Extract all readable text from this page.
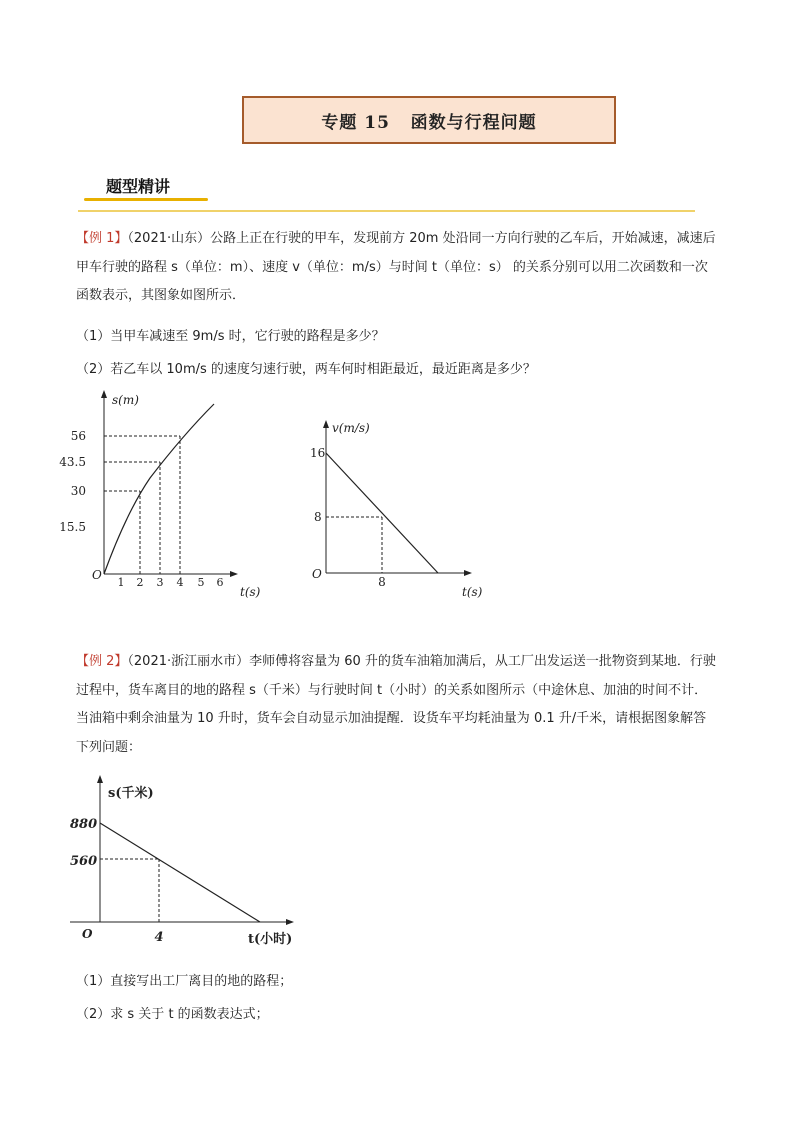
专题 15   函数与行程问题
题型精讲
【例 1】（2021·山东）公路上正在行驶的甲车，发现前方 20m 处沿同一方向行驶的乙车后，开始减速，减速后甲车行驶的路程 s（单位：m）、速度 v（单位：m/s）与时间 t（单位：s） 的关系分别可以用二次函数和一次函数表示，其图象如图所示．
（1）当甲车减速至 9m/s 时，它行驶的路程是多少？
（2）若乙车以 10m/s 的速度匀速行驶，两车何时相距最近，最近距离是多少？
s(m)
t(s)
O
56
43.5
30
15.5
1 2 3 4 5 6
v(m/s)
t(s)
O
16
8
8
【例 2】（2021·浙江丽水市）李师傅将容量为 60 升的货车油箱加满后，从工厂出发运送一批物资到某地．行驶过程中，货车离目的地的路程 s（千米）与行驶时间 t（小时）的关系如图所示（中途休息、加油的时间不计．当油箱中剩余油量为 10 升时，货车会自动显示加油提醒．设货车平均耗油量为 0.1 升/千米，请根据图象解答下列问题：
s(千米)
t(小时)
O
880
560
4
（1）直接写出工厂离目的地的路程；
（2）求 s 关于 t 的函数表达式；
